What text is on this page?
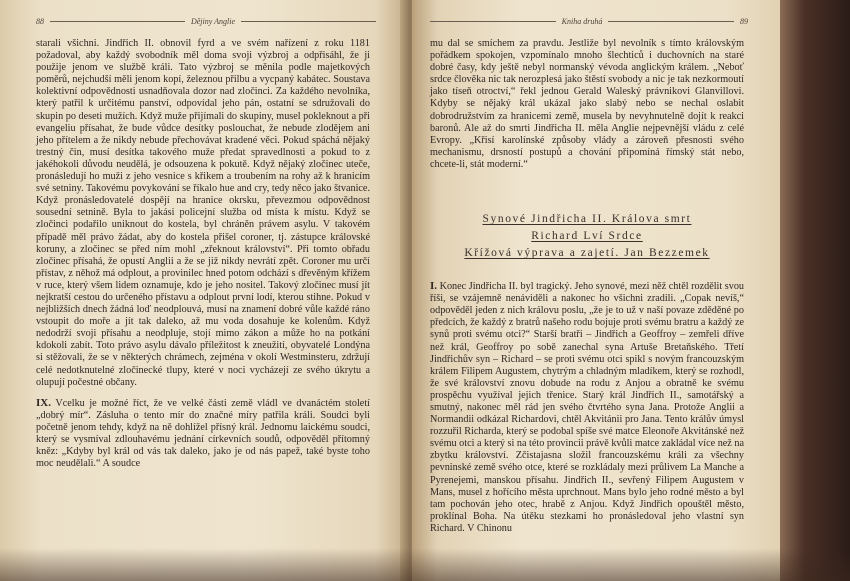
88	Dějiny Anglie

starali všichni. Jindřich II. obnovil fyrd a ve svém nařízení z roku 1181 požadoval, aby každý svobodník měl doma svoji výzbroj a odpřisáhl, že ji použije jenom ve službě králi. Tato výzbroj se měnila podle majetkových poměrů, nejchudší měli jenom kopí, železnou přilbu a vycpaný kabátec. Soustava kolektivní odpovědnosti usnadňovala dozor nad zločinci. Za každého nevolníka, který patřil k určitému panství, odpovídal jeho pán, ostatní se sdružovali do skupin po deseti mužích. Když muže přijímali do skupiny, musel pokleknout a při evangeliu přísahat, že bude vůdce desítky poslouchat, že nebude zlodějem ani jeho přítelem a že nikdy nebude přechovávat kradené věci. Pokud spáchá nějaký trestný čin, musí desítka takového muže předat spravedlnosti a pokud to z jakéhokoli důvodu neudělá, je odsouzena k pokutě. Když nějaký zločinec uteče, pronásledují ho muži z jeho vesnice s křikem a troubením na rohy až k hranicím své setniny. Takovému povykování se říkalo hue and cry, tedy něco jako štvanice. Když pronásledovatelé dospějí na hranice okrsku, převezmou odpovědnost sousední setnině. Byla to jakási policejní služba od místa k místu. Když se zločinci podařilo uniknout do kostela, byl chráněn právem asylu. V takovém případě měl právo žádat, aby do kostela přišel coroner, tj. zástupce královské koruny, a zločinec se před ním mohl „zřeknout království“. Při tomto obřadu zločinec přísahá, že opustí Anglii a že se již nikdy nevrátí zpět. Coroner mu určí přístav, z něhož má odplout, a provinilec hned potom odchází s dřevěným křížem v ruce, který všem lidem oznamuje, kdo je jeho nositel. Takový zločinec musí jít nejkratší cestou do určeného přístavu a odplout první lodí, kterou stihne. Pokud v nejbližších dnech žádná loď neodplouvá, musí na znamení dobré vůle každé ráno vstoupit do moře a jít tak daleko, až mu voda dosahuje ke kolenům. Když nedodrží svoji přísahu a neodpluje, stojí mimo zákon a může ho na potkání kdokoli zabít. Toto právo asylu dávalo příležitost k zneužití, obyvatelé Londýna si stěžovali, že se v některých chrámech, zejména v okolí Westminsteru, zdržují celé nedotknutelné zločinecké tlupy, které v noci vycházejí ze svého úkrytu a olupují počestné občany.

IX. Vcelku je možné říct, že ve velké části země vládl ve dvanáctém století „dobrý mír“. Zásluha o tento mír do značné míry patřila králi. Soudci byli početně jenom tehdy, když na ně dohlížel přísný král. Jednomu laickému soudci, který se vysmíval zdlouhavému jednání církevních soudů, odpověděl přítomný kněz: „Kdyby byl král od vás tak daleko, jako je od nás papež, také byste toho moc neudělali.“ A soudce

Kniha druhá	89

mu dal se smíchem za pravdu. Jestliže byl nevolník s tímto královským pořádkem spokojen, vzpomínalo mnoho šlechticů i duchovních na staré dobré časy, kdy ještě nebyl normanský vévoda anglickým králem. „Neboť srdce člověka nic tak nerozplesá jako štěstí svobody a nic je tak nezkormoutí jako tíseň otroctví,“ řekl jednou Gerald Waleský právnikovi Glanvillovi. Kdyby se nějaký král ukázal jako slabý nebo se nechal oslabit dobrodružstvím za hranicemi země, musela by nevyhnutelně dojít k reakci baronů. Ale až do smrti Jindřicha II. měla Anglie nejpevnější vládu z celé Evropy. „Křisí karolínské způsoby vlády a zároveň přesnosti svého mechanismu, drsností postupů a chování připomíná římský stát nebo, chcete-li, stát moderní.“

Synové Jindřicha II. Králova smrt
Richard Lví Srdce
Křížová výprava a zajetí. Jan Bezzemek

I. Konec Jindřicha II. byl tragický. Jeho synové, mezi něž chtěl rozdělit svou říši, se vzájemně nenáviděli a nakonec ho všichni zradili. „Copak nevíš,“ odpověděl jeden z nich královu poslu, „že je to už v naší povaze zděděné po předcích, že každý z bratrů našeho rodu bojuje proti svému bratru a každý ze synů proti svému otci?“ Starší bratři – Jindřich a Geoffroy – zemřeli dříve než král, Geoffroy po sobě zanechal syna Artuše Bretaňského. Třetí Jindřichův syn – Richard – se proti svému otci spikl s novým francouzským králem Filipem Augustem, chytrým a chladným mladíkem, který se rozhodl, že své království znovu dobude na rodu z Anjou a obratně ke svému prospěchu využíval jejich třenice. Starý král Jindřich II., samotářský a smutný, nakonec měl rád jen svého čtvrtého syna Jana. Protože Anglii a Normandii odkázal Richardovi, chtěl Akvitánii pro Jana. Tento králův úmysl rozzuřil Richarda, který se podobal spíše své matce Eleonoře Akvitánské než svému otci a který si na této provincii právě kvůli matce zakládal více než na zbytku království. Zčistajasna složil francouzskému králi za všechny pevninské země svého otce, které se rozkládaly mezi průlivem La Manche a Pyrenejemi, manskou přísahu. Jindřich II., sevřený Filipem Augustem v Mans, musel z hořícího města uprchnout. Mans bylo jeho rodné město a byl tam pochován jeho otec, hrabě z Anjou. Když Jindřich opouštěl město, proklínal Boha. Na útěku stezkami ho pronásledoval jeho vlastní syn Richard. V Chinonu
